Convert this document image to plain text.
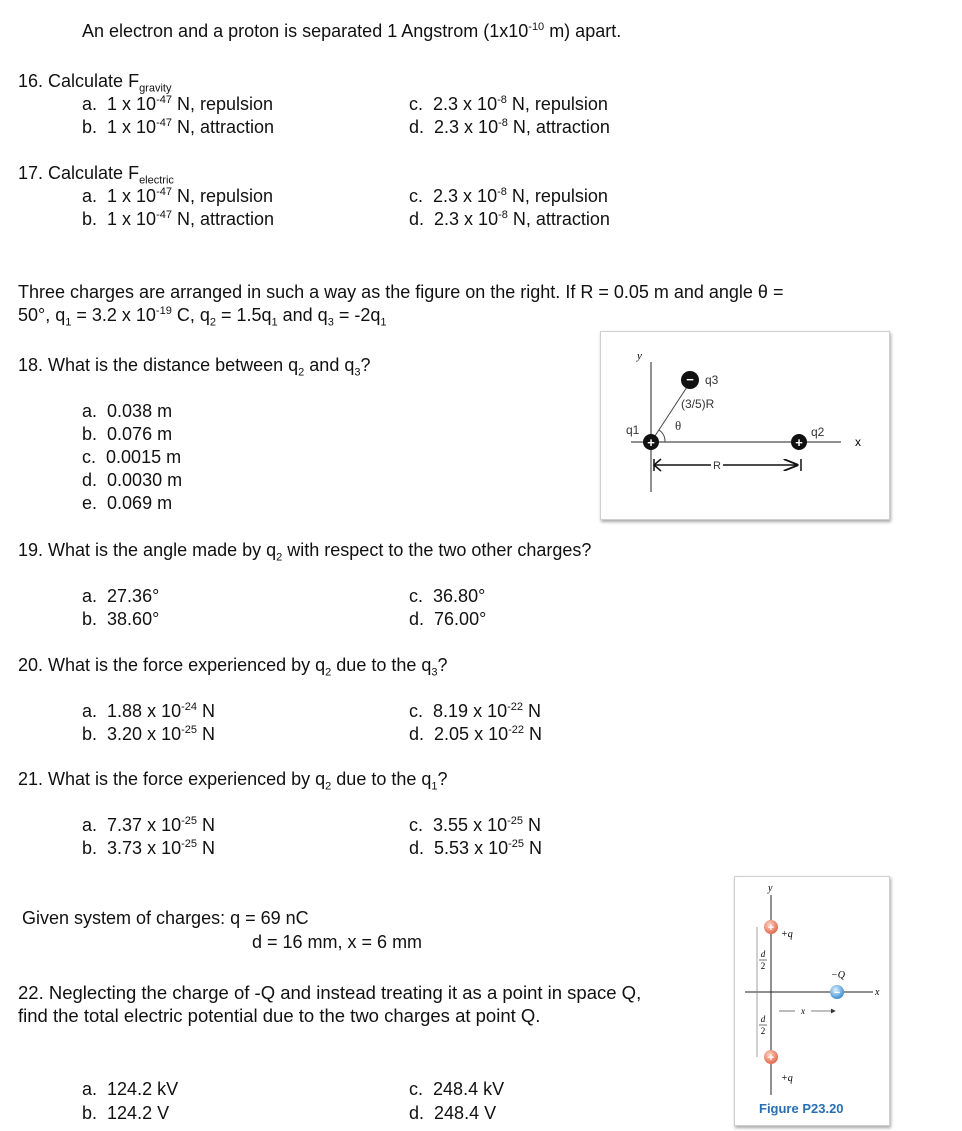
An electron and a proton is separated 1 Angstrom ($1x10^{-10}$ m) apart.
16. Calculate $F_{gravity}$
a. 1 x $10^{-47}$ N, repulsion
b. 1 x $10^{-47}$ N, attraction
c. 2.3 x $10^{-8}$ N, repulsion
d. 2.3 x $10^{-8}$ N, attraction
17. Calculate $F_{electric}$
a. 1 x $10^{-47}$ N, repulsion
b. 1 x $10^{-47}$ N, attraction
c. 2.3 x $10^{-8}$ N, repulsion
d. 2.3 x $10^{-8}$ N, attraction
Three charges are arranged in such a way as the figure on the right. If R = 0.05 m and angle θ =
50°, $q_1 = 3.2$ x $10^{-19}$ C, $q_2 = 1.5q_1$ and $q_3 = -2q_1$
18. What is the distance between $q_2$ and $q_3$?
a. 0.038 m
b. 0.076 m
c. 0.0015 m
d. 0.0030 m
e. 0.069 m
+	+
−
y
x
q3
(3/5)R
θ
q1	q2
R
19. What is the angle made by $q_2$ with respect to the two other charges?
a. 27.36°
b. 38.60°
c. 36.80°
d. 76.00°
20. What is the force experienced by $q_2$ due to the $q_3$?
a. 1.88 x $10^{-24}$ N
b. 3.20 x $10^{-25}$ N
c. 8.19 x $10^{-22}$ N
d. 2.05 x $10^{-22}$ N
21. What is the force experienced by $q_2$ due to the $q_1$?
a. 7.37 x $10^{-25}$ N
b. 3.73 x $10^{-25}$ N
c. 3.55 x $10^{-25}$ N
d. 5.53 x $10^{-25}$ N
Given system of charges: q = 69 nC
d = 16 mm, x = 6 mm
22. Neglecting the charge of -Q and instead treating it as a point in space Q, find the total electric potential due to the two charges at point Q.
a. 124.2 kV
b. 124.2 V
c. 248.4 kV
d. 248.4 V
+
+
−
y
x
+q
+q
−Q
d
2
d
2
x
Figure P23.20
